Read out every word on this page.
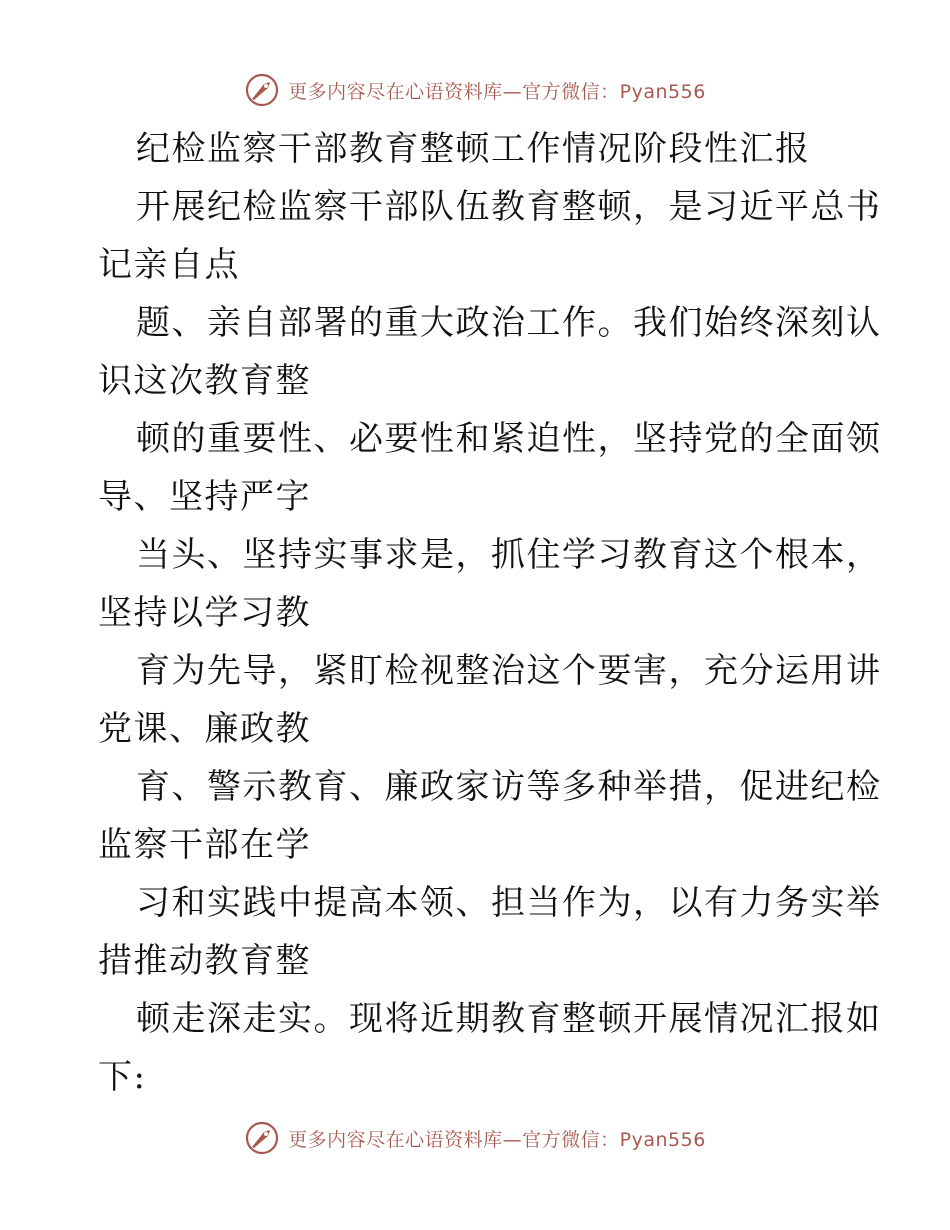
更多内容尽在心语资料库—官方微信：Pyan556
纪检监察干部教育整顿工作情况阶段性汇报
开展纪检监察干部队伍教育整顿，是习近平总书
记亲自点
题、亲自部署的重大政治工作。我们始终深刻认
识这次教育整
顿的重要性、必要性和紧迫性，坚持党的全面领
导、坚持严字
当头、坚持实事求是，抓住学习教育这个根本，
坚持以学习教
育为先导，紧盯检视整治这个要害，充分运用讲
党课、廉政教
育、警示教育、廉政家访等多种举措，促进纪检
监察干部在学
习和实践中提高本领、担当作为，以有力务实举
措推动教育整
顿走深走实。现将近期教育整顿开展情况汇报如
下:
更多内容尽在心语资料库—官方微信：Pyan556
